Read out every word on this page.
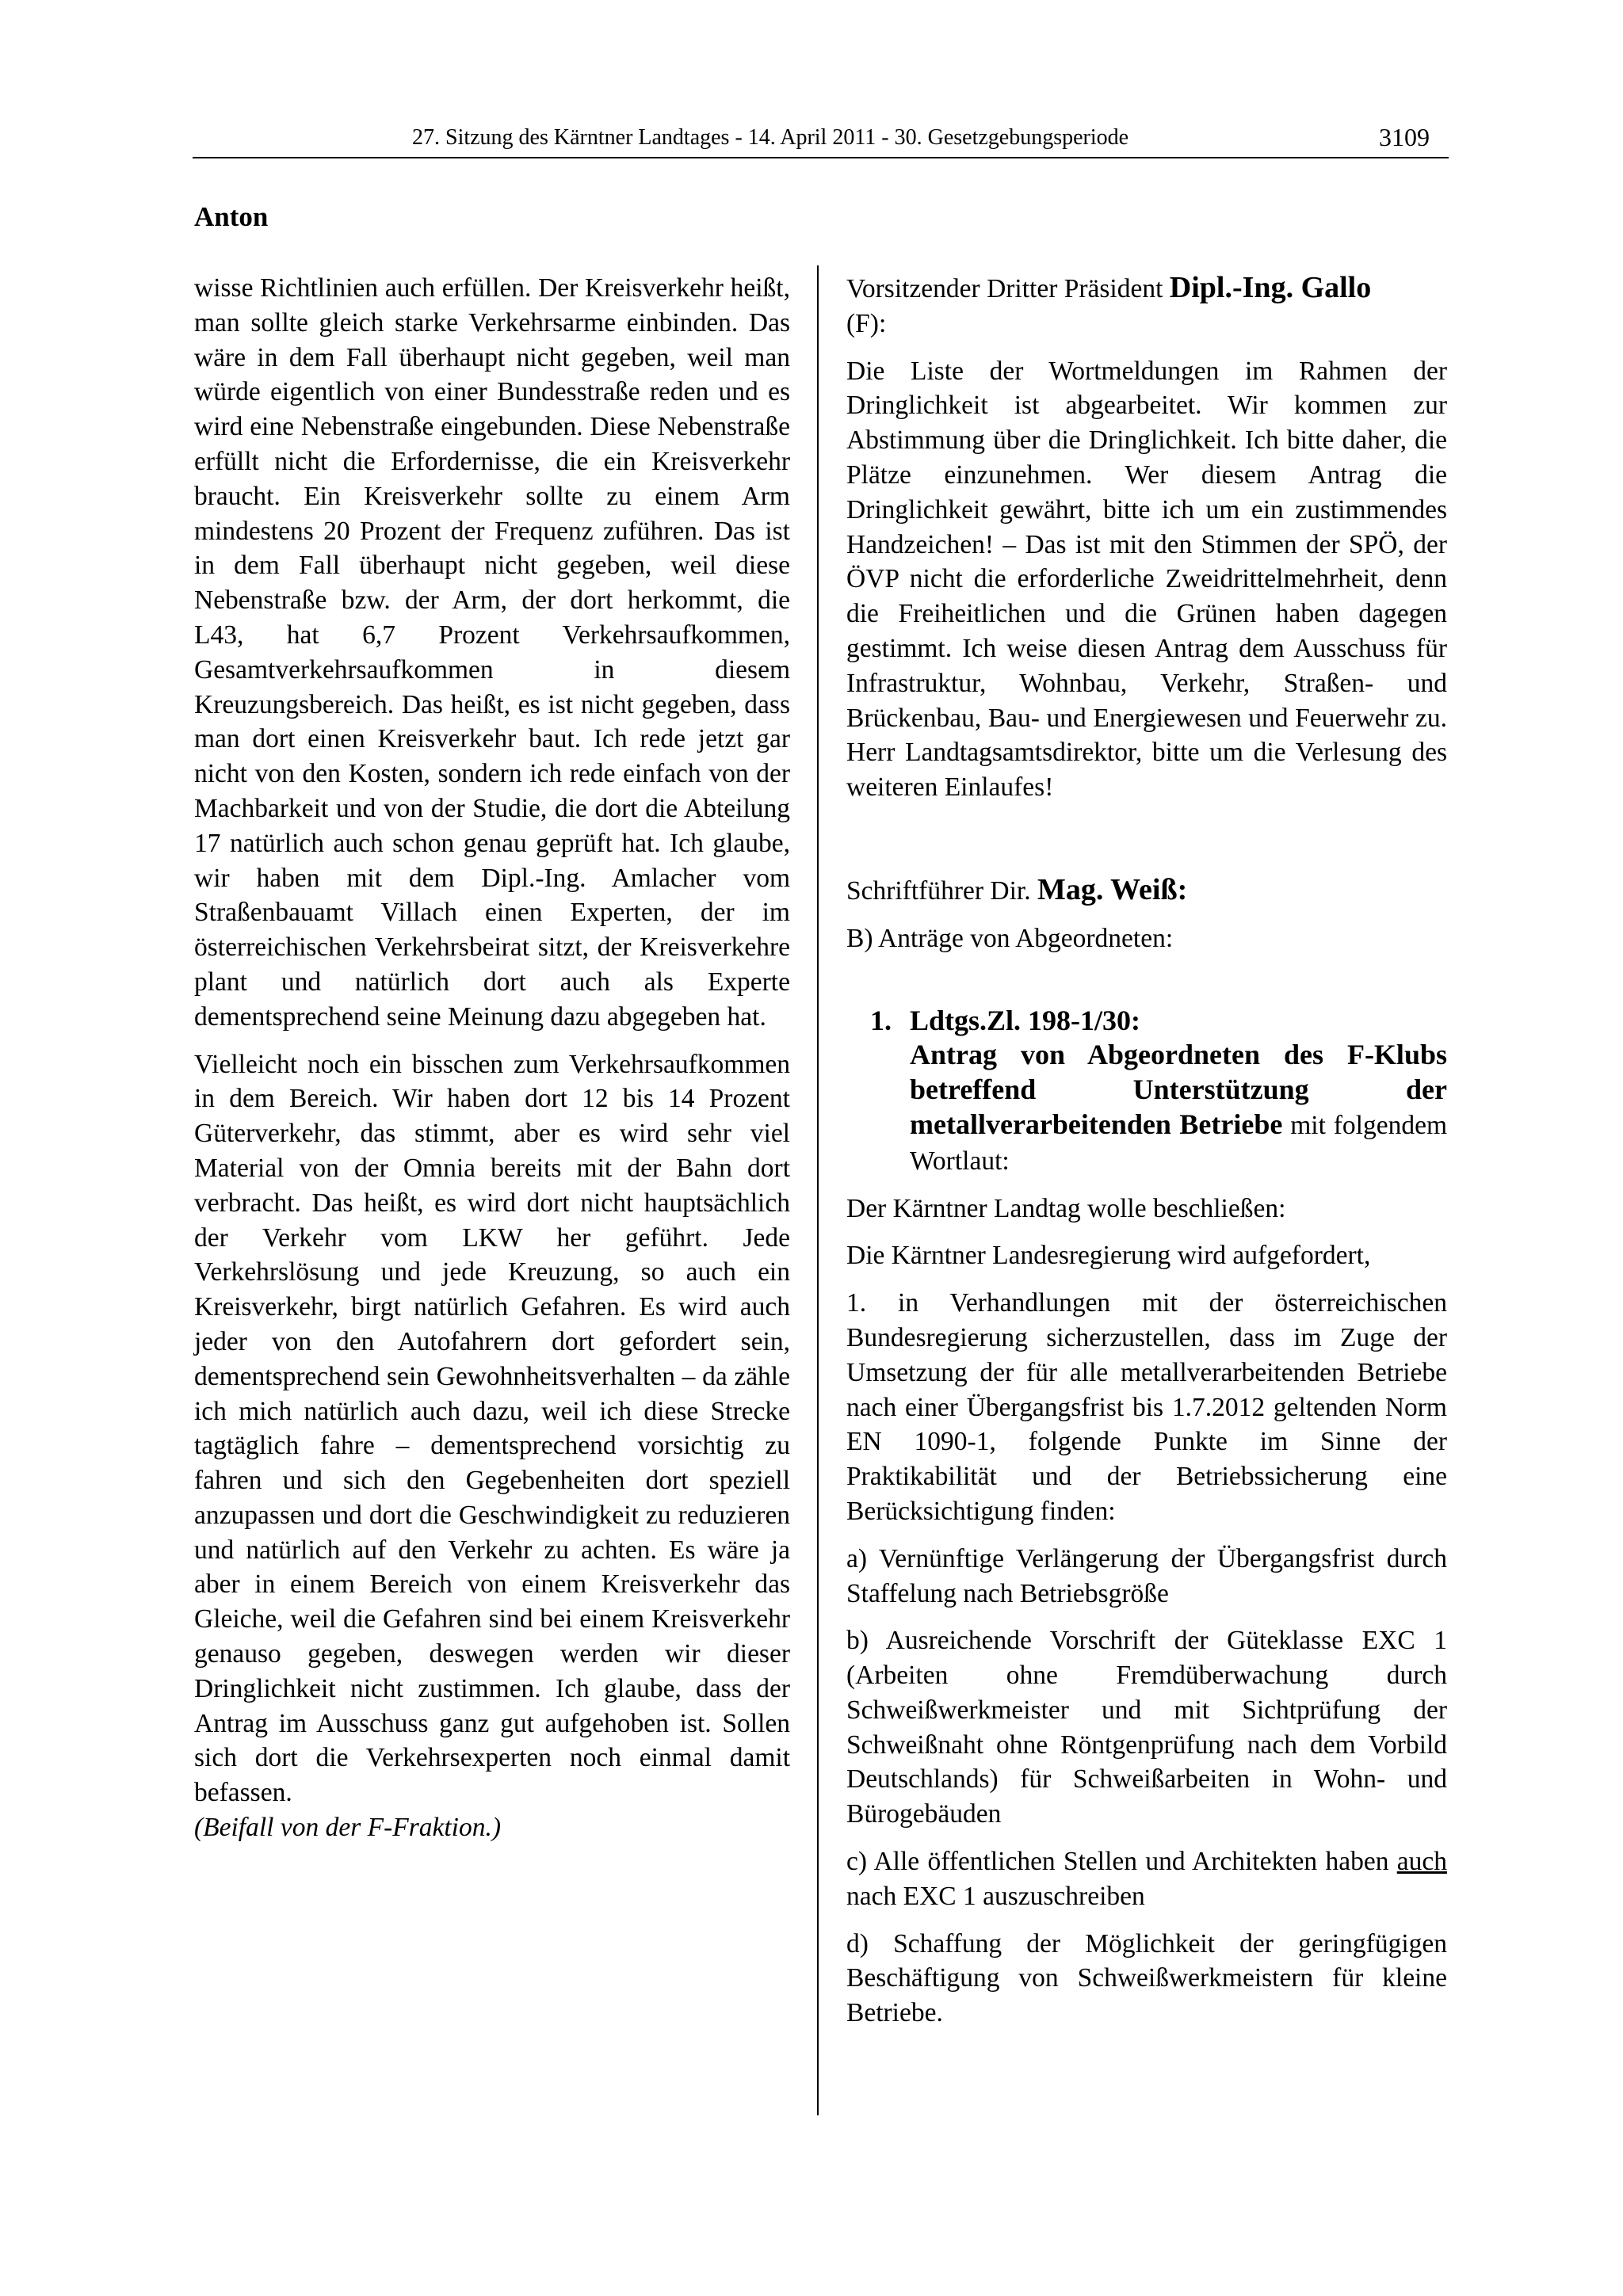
27. Sitzung des Kärntner Landtages - 14. April 2011 - 30. Gesetzgebungsperiode	3109
Anton

wisse Richtlinien auch erfüllen. Der Kreisverkehr heißt, man sollte gleich starke Verkehrsarme einbinden. Das wäre in dem Fall überhaupt nicht gegeben, weil man würde eigentlich von einer Bundesstraße reden und es wird eine Nebenstraße eingebunden. Diese Nebenstraße erfüllt nicht die Erfordernisse, die ein Kreisverkehr braucht. Ein Kreisverkehr sollte zu einem Arm mindestens 20 Prozent der Frequenz zuführen. Das ist in dem Fall überhaupt nicht gegeben, weil diese Nebenstraße bzw. der Arm, der dort herkommt, die L43, hat 6,7 Prozent Verkehrsaufkommen, Gesamtverkehrsaufkommen in diesem Kreuzungsbereich. Das heißt, es ist nicht gegeben, dass man dort einen Kreisverkehr baut. Ich rede jetzt gar nicht von den Kosten, sondern ich rede einfach von der Machbarkeit und von der Studie, die dort die Abteilung 17 natürlich auch schon genau geprüft hat. Ich glaube, wir haben mit dem Dipl.-Ing. Amlacher vom Straßenbauamt Villach einen Experten, der im österreichischen Verkehrsbeirat sitzt, der Kreisverkehre plant und natürlich dort auch als Experte dementsprechend seine Meinung dazu abgegeben hat.

Vielleicht noch ein bisschen zum Verkehrsaufkommen in dem Bereich. Wir haben dort 12 bis 14 Prozent Güterverkehr, das stimmt, aber es wird sehr viel Material von der Omnia bereits mit der Bahn dort verbracht. Das heißt, es wird dort nicht hauptsächlich der Verkehr vom LKW her geführt. Jede Verkehrslösung und jede Kreuzung, so auch ein Kreisverkehr, birgt natürlich Gefahren. Es wird auch jeder von den Autofahrern dort gefordert sein, dementsprechend sein Gewohnheitsverhalten – da zähle ich mich natürlich auch dazu, weil ich diese Strecke tagtäglich fahre – dementsprechend vorsichtig zu fahren und sich den Gegebenheiten dort speziell anzupassen und dort die Geschwindigkeit zu reduzieren und natürlich auf den Verkehr zu achten. Es wäre ja aber in einem Bereich von einem Kreisverkehr das Gleiche, weil die Gefahren sind bei einem Kreisverkehr genauso gegeben, deswegen werden wir dieser Dringlichkeit nicht zustimmen. Ich glaube, dass der Antrag im Ausschuss ganz gut aufgehoben ist. Sollen sich dort die Verkehrsexperten noch einmal damit befassen.

(Beifall von der F-Fraktion.)

Vorsitzender Dritter Präsident Dipl.-Ing. Gallo
(F):

Die Liste der Wortmeldungen im Rahmen der Dringlichkeit ist abgearbeitet. Wir kommen zur Abstimmung über die Dringlichkeit. Ich bitte daher, die Plätze einzunehmen. Wer diesem Antrag die Dringlichkeit gewährt, bitte ich um ein zustimmendes Handzeichen! – Das ist mit den Stimmen der SPÖ, der ÖVP nicht die erforderliche Zweidrittelmehrheit, denn die Freiheitlichen und die Grünen haben dagegen gestimmt. Ich weise diesen Antrag dem Ausschuss für Infrastruktur, Wohnbau, Verkehr, Straßen- und Brückenbau, Bau- und Energiewesen und Feuerwehr zu. Herr Landtagsamtsdirektor, bitte um die Verlesung des weiteren Einlaufes!

Schriftführer Dir. Mag. Weiß:

B) Anträge von Abgeordneten:

1. Ldtgs.Zl. 198-1/30:
Antrag von Abgeordneten des F-Klubs betreffend Unterstützung der metallverarbeitenden Betriebe mit folgendem Wortlaut:

Der Kärntner Landtag wolle beschließen:

Die Kärntner Landesregierung wird aufgefordert,

1. in Verhandlungen mit der österreichischen Bundesregierung sicherzustellen, dass im Zuge der Umsetzung der für alle metallverarbeitenden Betriebe nach einer Übergangsfrist bis 1.7.2012 geltenden Norm EN 1090-1, folgende Punkte im Sinne der Praktikabilität und der Betriebssicherung eine Berücksichtigung finden:

a) Vernünftige Verlängerung der Übergangsfrist durch Staffelung nach Betriebsgröße

b) Ausreichende Vorschrift der Güteklasse EXC 1 (Arbeiten ohne Fremdüberwachung durch Schweißwerkmeister und mit Sichtprüfung der Schweißnaht ohne Röntgenprüfung nach dem Vorbild Deutschlands) für Schweißarbeiten in Wohn- und Bürogebäuden

c) Alle öffentlichen Stellen und Architekten haben auch nach EXC 1 auszuschreiben

d) Schaffung der Möglichkeit der geringfügigen Beschäftigung von Schweißwerkmeistern für kleine Betriebe.
